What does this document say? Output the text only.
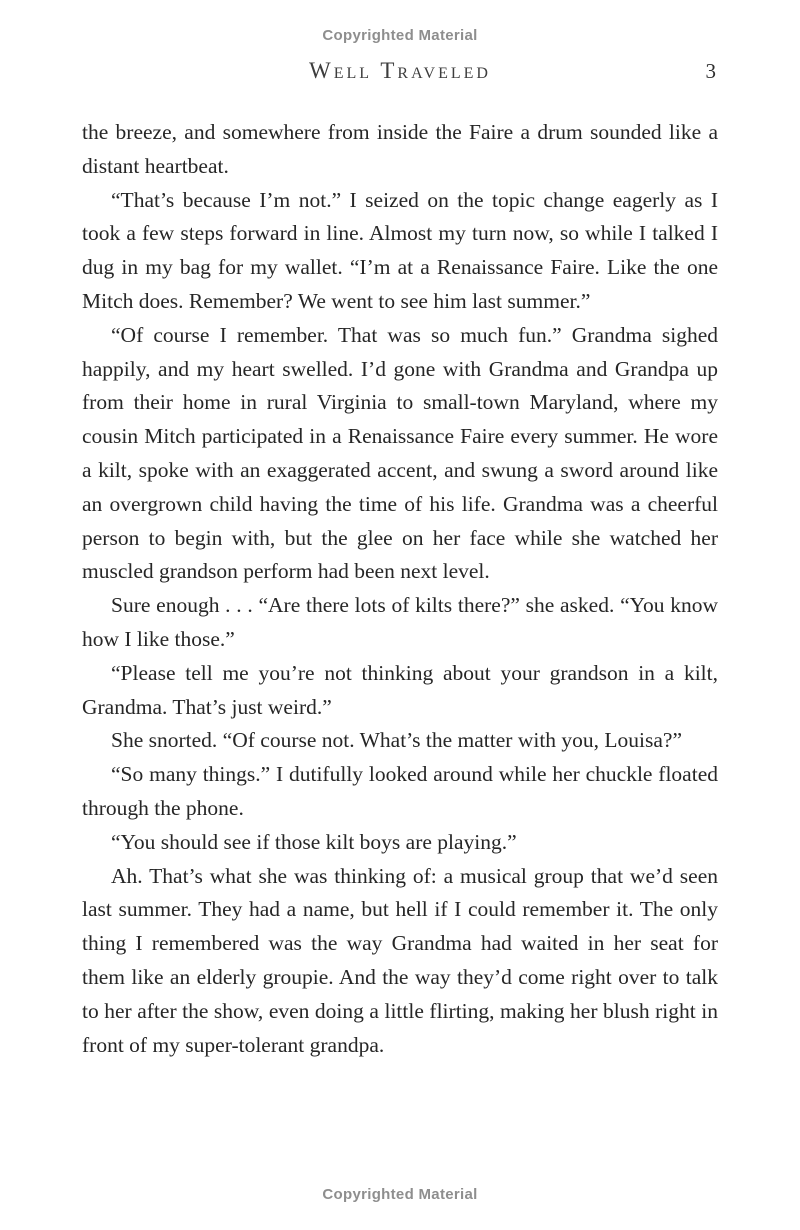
Copyrighted Material
Well Traveled	3

the breeze, and somewhere from inside the Faire a drum sounded like a distant heartbeat.

“That’s because I’m not.” I seized on the topic change eagerly as I took a few steps forward in line. Almost my turn now, so while I talked I dug in my bag for my wallet. “I’m at a Renaissance Faire. Like the one Mitch does. Remember? We went to see him last summer.”

“Of course I remember. That was so much fun.” Grandma sighed happily, and my heart swelled. I’d gone with Grandma and Grandpa up from their home in rural Virginia to small-town Maryland, where my cousin Mitch participated in a Renaissance Faire every summer. He wore a kilt, spoke with an exaggerated accent, and swung a sword around like an overgrown child having the time of his life. Grandma was a cheerful person to begin with, but the glee on her face while she watched her muscled grandson perform had been next level.

Sure enough . . . “Are there lots of kilts there?” she asked. “You know how I like those.”

“Please tell me you’re not thinking about your grandson in a kilt, Grandma. That’s just weird.”

She snorted. “Of course not. What’s the matter with you, Louisa?”

“So many things.” I dutifully looked around while her chuckle floated through the phone.

“You should see if those kilt boys are playing.”

Ah. That’s what she was thinking of: a musical group that we’d seen last summer. They had a name, but hell if I could remember it. The only thing I remembered was the way Grandma had waited in her seat for them like an elderly groupie. And the way they’d come right over to talk to her after the show, even doing a little flirting, making her blush right in front of my super-tolerant grandpa.

Copyrighted Material
